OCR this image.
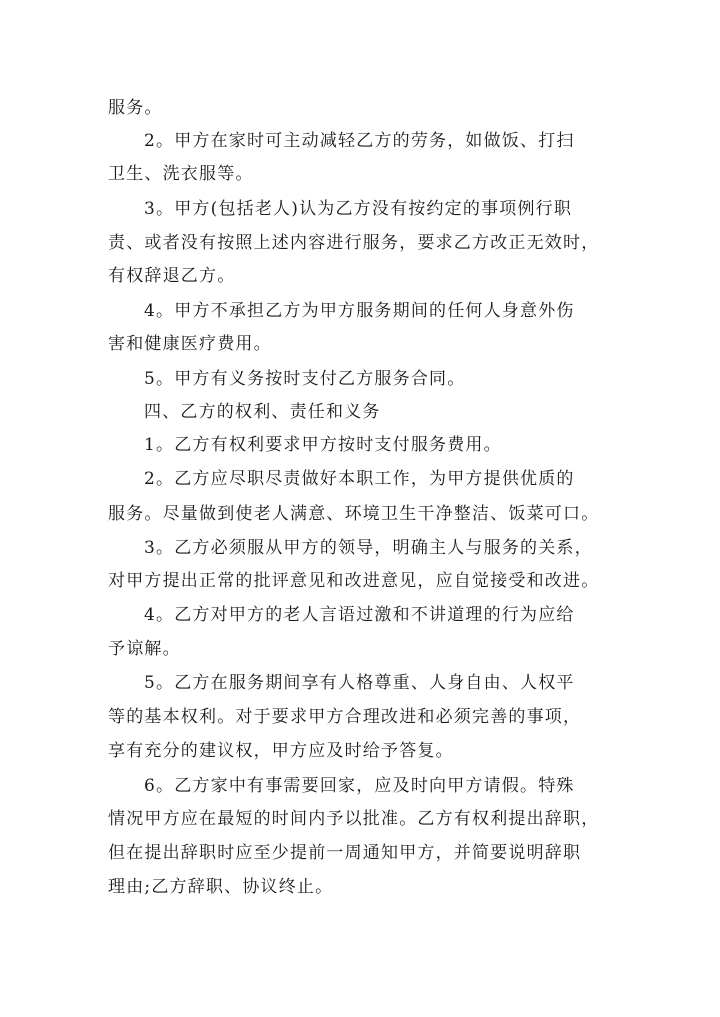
服务。
2。甲方在家时可主动减轻乙方的劳务，如做饭、打扫
卫生、洗衣服等。
3。甲方(包括老人)认为乙方没有按约定的事项例行职
责、或者没有按照上述内容进行服务，要求乙方改正无效时，
有权辞退乙方。
4。甲方不承担乙方为甲方服务期间的任何人身意外伤
害和健康医疗费用。
5。甲方有义务按时支付乙方服务合同。
四、乙方的权利、责任和义务
1。乙方有权利要求甲方按时支付服务费用。
2。乙方应尽职尽责做好本职工作，为甲方提供优质的
服务。尽量做到使老人满意、环境卫生干净整洁、饭菜可口。
3。乙方必须服从甲方的领导，明确主人与服务的关系，
对甲方提出正常的批评意见和改进意见，应自觉接受和改进。
4。乙方对甲方的老人言语过激和不讲道理的行为应给
予谅解。
5。乙方在服务期间享有人格尊重、人身自由、人权平
等的基本权利。对于要求甲方合理改进和必须完善的事项，
享有充分的建议权，甲方应及时给予答复。
6。乙方家中有事需要回家，应及时向甲方请假。特殊
情况甲方应在最短的时间内予以批准。乙方有权利提出辞职，
但在提出辞职时应至少提前一周通知甲方，并简要说明辞职
理由;乙方辞职、协议终止。
